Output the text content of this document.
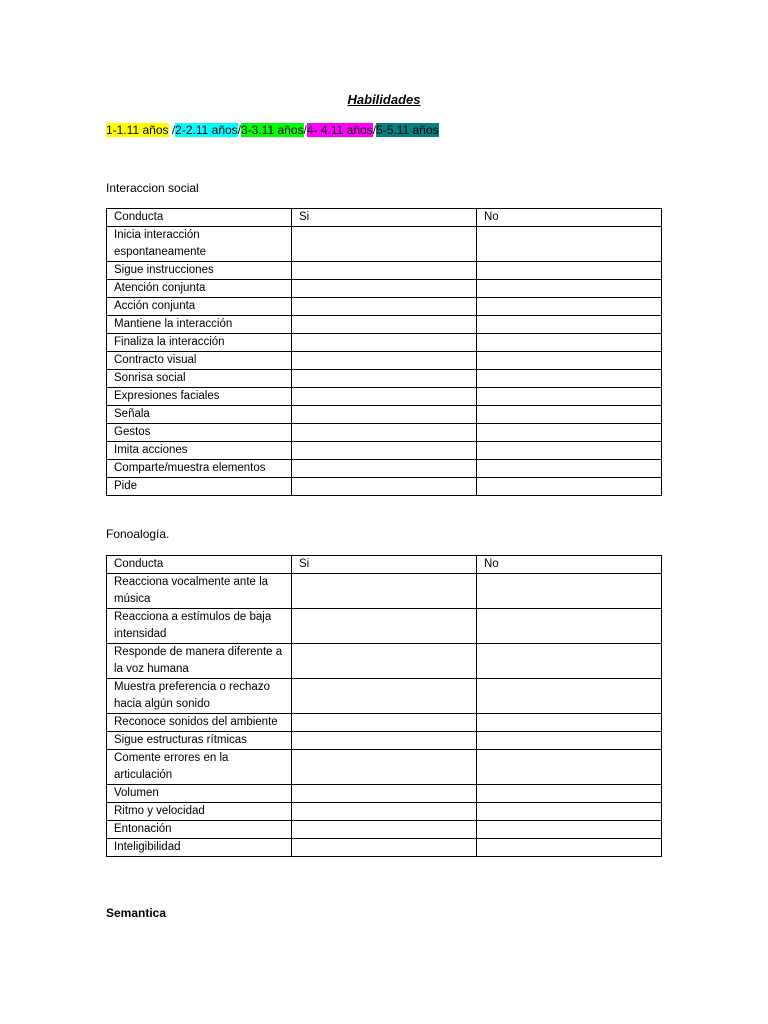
Habilidades
1-1.11 años /2-2.11 años/3-3.11 años/4- 4.11 años/5-5.11 años
Interaccion social
Conducta	Si	No
Inicia interacción espontaneamente		
Sigue instrucciones		
Atención conjunta		
Acción conjunta		
Mantiene la interacción		
Finaliza la interacción		
Contracto visual		
Sonrisa social		
Expresiones faciales		
Señala		
Gestos		
Imita acciones		
Comparte/muestra elementos		
Pide		
Fonoalogía.
Conducta	Si	No
Reacciona vocalmente ante la música		
Reacciona a estímulos de baja intensidad		
Responde de manera diferente a la voz humana		
Muestra preferencia o rechazo hacia algún sonido		
Reconoce sonidos del ambiente		
Sigue estructuras rítmicas		
Comente errores en la articulación		
Volumen		
Ritmo y velocidad		
Entonación		
Inteligibilidad		
Semantica
